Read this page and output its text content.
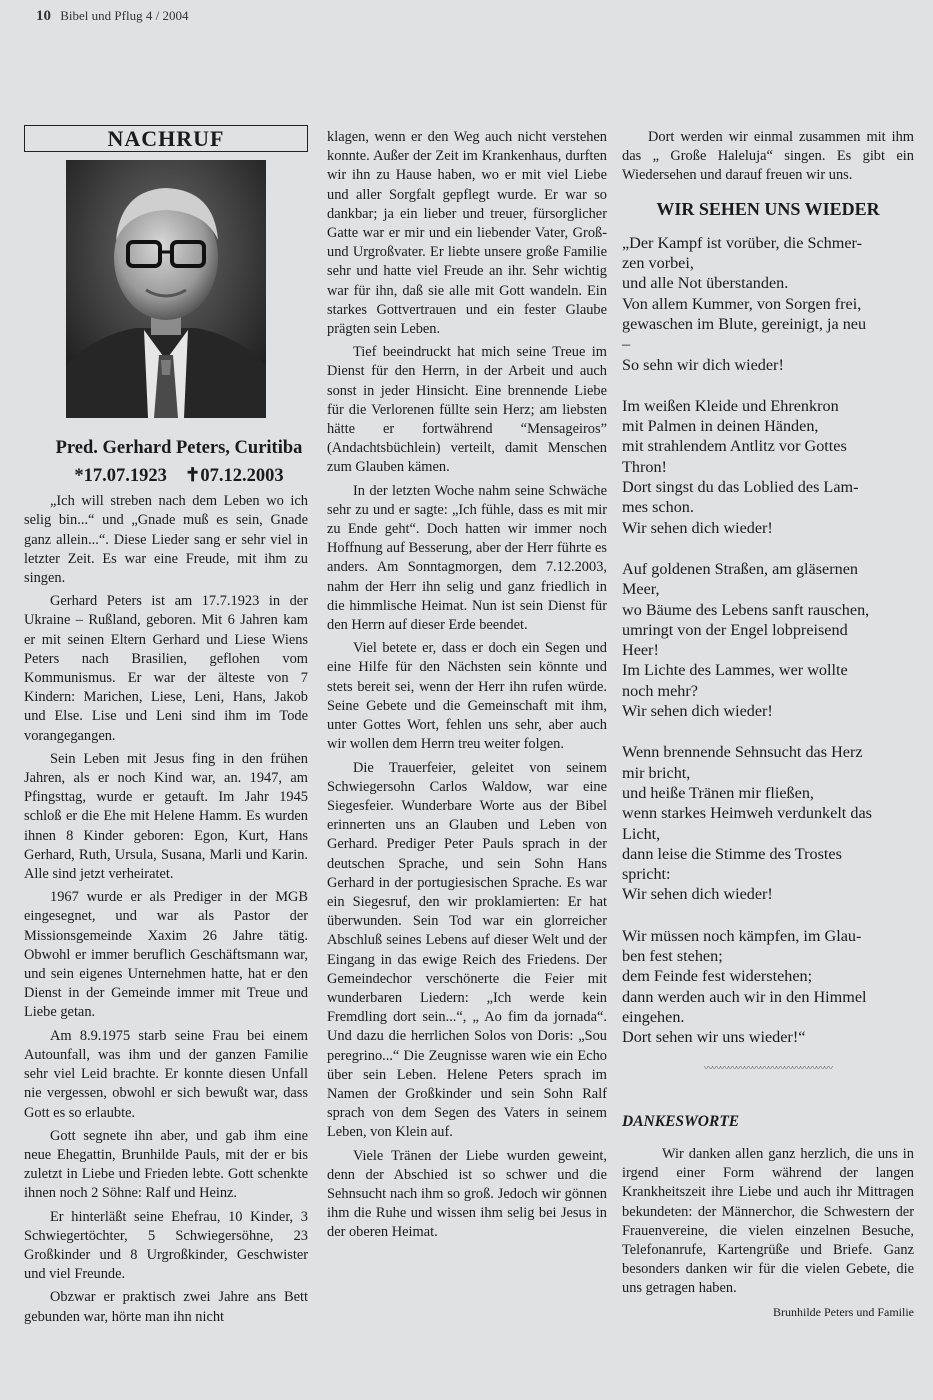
10 Bibel und Pflug 4 / 2004
NACHRUF

Pred. Gerhard Peters, Curitiba

*17.07.1923 ✝07.12.2003

„Ich will streben nach dem Leben wo ich selig bin...“ und „Gnade muß es sein, Gnade ganz allein...“. Diese Lieder sang er sehr viel in letzter Zeit. Es war eine Freude, mit ihm zu singen.

Gerhard Peters ist am 17.7.1923 in der Ukraine – Rußland, geboren. Mit 6 Jahren kam er mit seinen Eltern Gerhard und Liese Wiens Peters nach Brasilien, geflohen vom Kommunismus. Er war der älteste von 7 Kindern: Marichen, Liese, Leni, Hans, Jakob und Else. Lise und Leni sind ihm im Tode vorangegangen.

Sein Leben mit Jesus fing in den frühen Jahren, als er noch Kind war, an. 1947, am Pfingsttag, wurde er getauft. Im Jahr 1945 schloß er die Ehe mit Helene Hamm. Es wurden ihnen 8 Kinder geboren: Egon, Kurt, Hans Gerhard, Ruth, Ursula, Susana, Marli und Karin. Alle sind jetzt verheiratet.

1967 wurde er als Prediger in der MGB eingesegnet, und war als Pastor der Missionsgemeinde Xaxim 26 Jahre tätig. Obwohl er immer beruflich Geschäftsmann war, und sein eigenes Unternehmen hatte, hat er den Dienst in der Gemeinde immer mit Treue und Liebe getan.

Am 8.9.1975 starb seine Frau bei einem Autounfall, was ihm und der ganzen Familie sehr viel Leid brachte. Er konnte diesen Unfall nie vergessen, obwohl er sich bewußt war, dass Gott es so erlaubte.

Gott segnete ihn aber, und gab ihm eine neue Ehegattin, Brunhilde Pauls, mit der er bis zuletzt in Liebe und Frieden lebte. Gott schenkte ihnen noch 2 Söhne: Ralf und Heinz.

Er hinterläßt seine Ehefrau, 10 Kinder, 3 Schwiegertöchter, 5 Schwiegersöhne, 23 Großkinder und 8 Urgroßkinder, Geschwister und viel Freunde.

Obzwar er praktisch zwei Jahre ans Bett gebunden war, hörte man ihn nicht

klagen, wenn er den Weg auch nicht verstehen konnte. Außer der Zeit im Krankenhaus, durften wir ihn zu Hause haben, wo er mit viel Liebe und aller Sorgfalt gepflegt wurde. Er war so dankbar; ja ein lieber und treuer, fürsorglicher Gatte war er mir und ein liebender Vater, Groß- und Urgroßvater. Er liebte unsere große Familie sehr und hatte viel Freude an ihr. Sehr wichtig war für ihn, daß sie alle mit Gott wandeln. Ein starkes Gottvertrauen und ein fester Glaube prägten sein Leben.

Tief beeindruckt hat mich seine Treue im Dienst für den Herrn, in der Arbeit und auch sonst in jeder Hinsicht. Eine brennende Liebe für die Verlorenen füllte sein Herz; am liebsten hätte er fortwährend “Mensageiros” (Andachtsbüchlein) verteilt, damit Menschen zum Glauben kämen.

In der letzten Woche nahm seine Schwäche sehr zu und er sagte: „Ich fühle, dass es mit mir zu Ende geht“. Doch hatten wir immer noch Hoffnung auf Besserung, aber der Herr führte es anders. Am Sonntagmorgen, dem 7.12.2003, nahm der Herr ihn selig und ganz friedlich in die himmlische Heimat. Nun ist sein Dienst für den Herrn auf dieser Erde beendet.

Viel betete er, dass er doch ein Segen und eine Hilfe für den Nächsten sein könnte und stets bereit sei, wenn der Herr ihn rufen würde. Seine Gebete und die Gemeinschaft mit ihm, unter Gottes Wort, fehlen uns sehr, aber auch wir wollen dem Herrn treu weiter folgen.

Die Trauerfeier, geleitet von seinem Schwiegersohn Carlos Waldow, war eine Siegesfeier. Wunderbare Worte aus der Bibel erinnerten uns an Glauben und Leben von Gerhard. Prediger Peter Pauls sprach in der deutschen Sprache, und sein Sohn Hans Gerhard in der portugiesischen Sprache. Es war ein Siegesruf, den wir proklamierten: Er hat überwunden. Sein Tod war ein glorreicher Abschluß seines Lebens auf dieser Welt und der Eingang in das ewige Reich des Friedens. Der Gemeindechor verschönerte die Feier mit wunderbaren Liedern: „Ich werde kein Fremdling dort sein...“, „ Ao fim da jornada“. Und dazu die herrlichen Solos von Doris: „Sou peregrino...“ Die Zeugnisse waren wie ein Echo über sein Leben. Helene Peters sprach im Namen der Großkinder und sein Sohn Ralf sprach von dem Segen des Vaters in seinem Leben, von Klein auf.

Viele Tränen der Liebe wurden geweint, denn der Abschied ist so schwer und die Sehnsucht nach ihm so groß. Jedoch wir gönnen ihm die Ruhe und wissen ihm selig bei Jesus in der oberen Heimat.

Dort werden wir einmal zusammen mit ihm das „ Große Haleluja“ singen. Es gibt ein Wiedersehen und darauf freuen wir uns.

WIR SEHEN UNS WIEDER
„Der Kampf ist vorüber, die Schmer-
zen vorbei,
und alle Not überstanden.
Von allem Kummer, von Sorgen frei,
gewaschen im Blute, gereinigt, ja neu
–
So sehn wir dich wieder!
Im weißen Kleide und Ehrenkron
mit Palmen in deinen Händen,
mit strahlendem Antlitz vor Gottes
Thron!
Dort singst du das Loblied des Lam-
mes schon.
Wir sehen dich wieder!
Auf goldenen Straßen, am gläsernen
Meer,
wo Bäume des Lebens sanft rauschen,
umringt von der Engel lobpreisend
Heer!
Im Lichte des Lammes, wer wollte
noch mehr?
Wir sehen dich wieder!
Wenn brennende Sehnsucht das Herz
mir bricht,
und heiße Tränen mir fließen,
wenn starkes Heimweh verdunkelt das
Licht,
dann leise die Stimme des Trostes
spricht:
Wir sehen dich wieder!
Wir müssen noch kämpfen, im Glau-
ben fest stehen;
dem Feinde fest widerstehen;
dann werden auch wir in den Himmel
eingehen.
Dort sehen wir uns wieder!“
〰〰〰〰〰〰〰〰〰〰〰〰〰〰〰〰
DANKESWORTE

Wir danken allen ganz herzlich, die uns in irgend einer Form während der langen Krankheitszeit ihre Liebe und auch ihr Mittragen bekundeten: der Männerchor, die Schwestern der Frauenvereine, die vielen einzelnen Besuche, Telefonanrufe, Kartengrüße und Briefe. Ganz besonders danken wir für die vielen Gebete, die uns getragen haben.

Brunhilde Peters und Familie
